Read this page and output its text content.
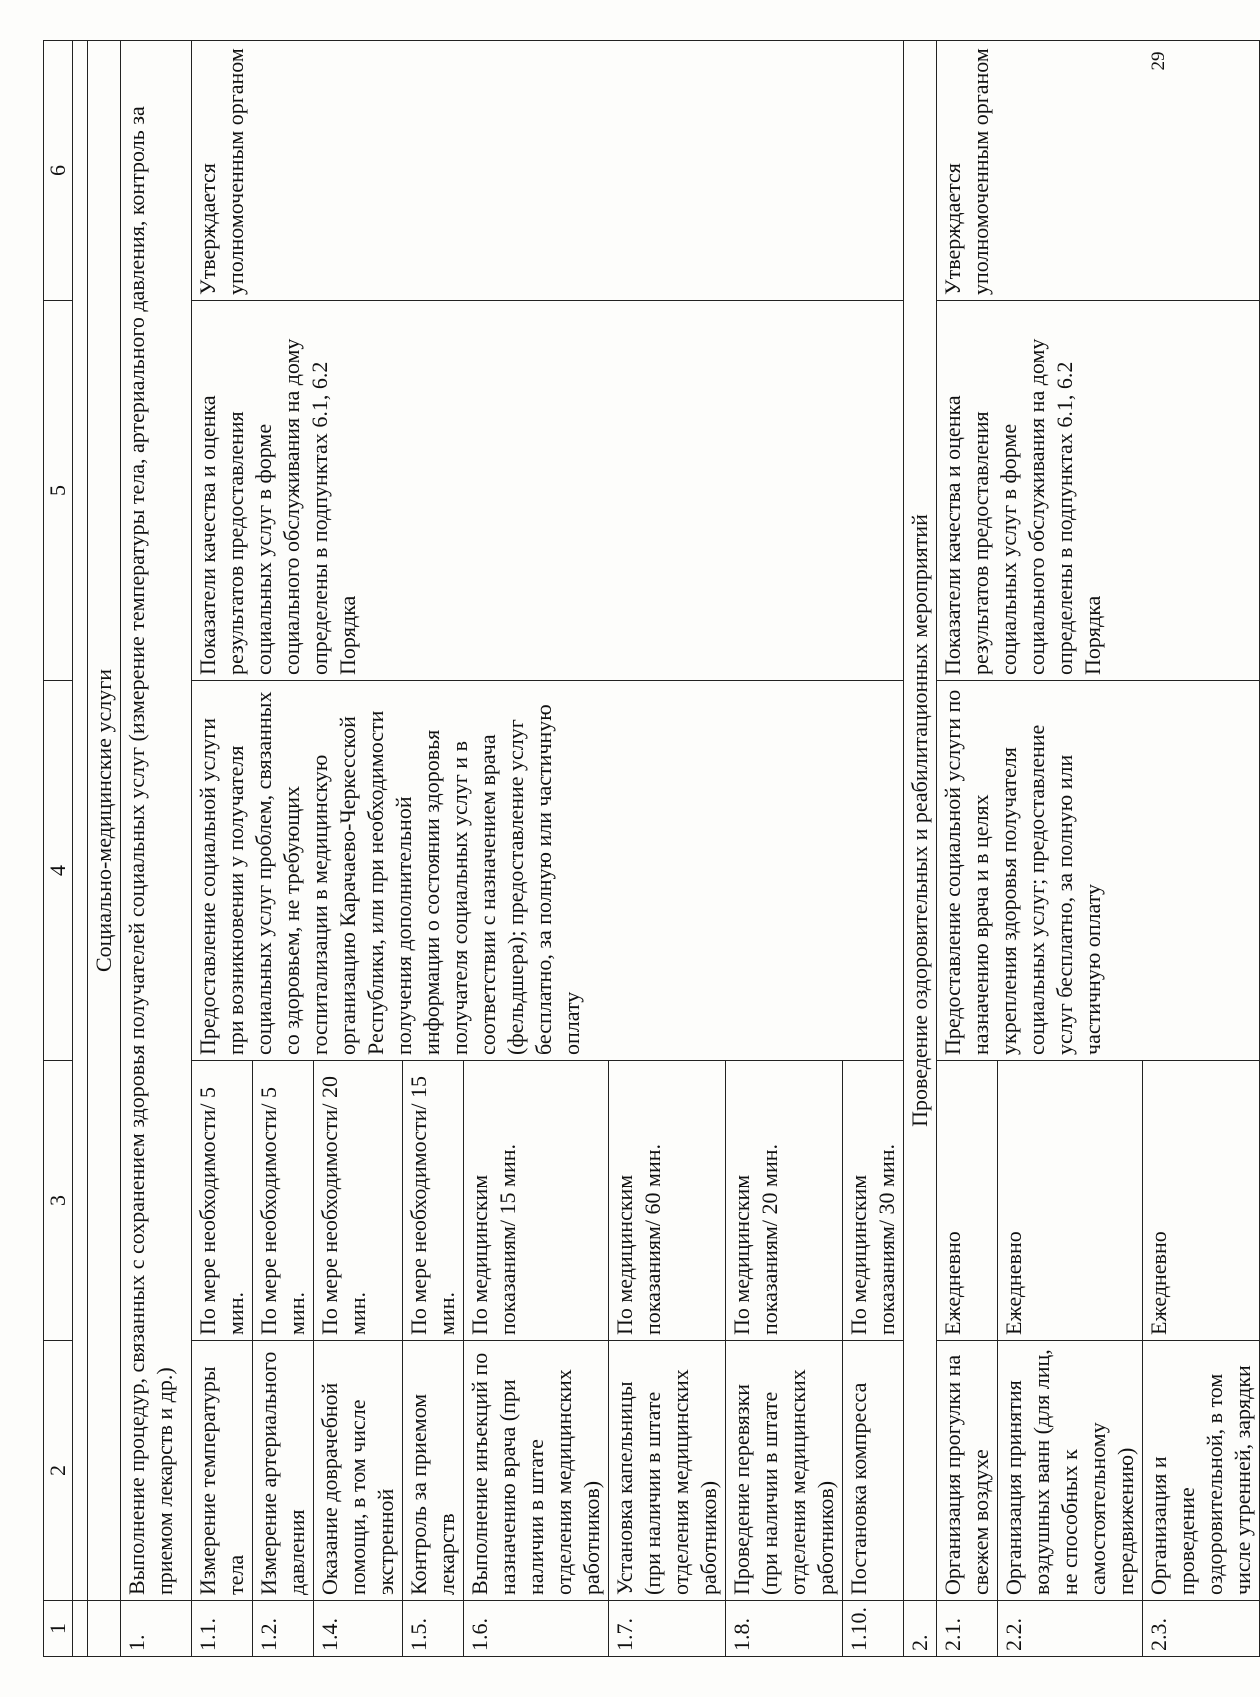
29
1	2	3	4	5	6

	Социально-медицинские услуги				
1.	Выполнение процедур, связанных с сохранением здоровья получателей социальных услуг (измерение температуры тела, артериального давления, контроль за приемом лекарств и др.)				
1.1.	Измерение температуры тела	По мере необходимости/ 5 мин.	Предоставление социальной услуги при возникновении у получателя социальных услуг проблем, связанных со здоровьем, не требующих госпитализации в медицинскую организацию Карачаево-Черкесской Республики, или при необходимости получения дополнительной информации о состоянии здоровья получателя социальных услуг и в соответствии с назначением врача (фельдшера); предоставление услуг бесплатно, за полную или частичную оплату	Показатели качества и оценка результатов предоставления социальных услуг в форме социального обслуживания на дому определены в подпунктах 6.1, 6.2 Порядка	Утверждается уполномоченным органом
1.2.	Измерение артериального давления	По мере необходимости/ 5 мин.			
1.4.	Оказание доврачебной помощи, в том числе экстренной	По мере необходимости/ 20 мин.			
1.5.	Контроль за приемом лекарств	По мере необходимости/ 15 мин.			
1.6.	Выполнение инъекций по назначению врача (при наличии в штате отделения медицинских работников)	По медицинским показаниям/ 15 мин.			
1.7.	Установка капельницы (при наличии в штате отделения медицинских работников)	По медицинским показаниям/ 60 мин.			
1.8.	Проведение перевязки (при наличии в штате отделения медицинских работников)	По медицинским показаниям/ 20 мин.			
1.10.	Постановка компресса	По медицинским показаниям/ 30 мин.			
2.	Проведение оздоровительных и реабилитационных мероприятий				
2.1.	Организация прогулки на свежем воздухе	Ежедневно	Предоставление социальной услуги по назначению врача и в целях укрепления здоровья получателя социальных услуг; предоставление услуг бесплатно, за полную или частичную оплату	Показатели качества и оценка результатов предоставления социальных услуг в форме социального обслуживания на дому определены в подпунктах 6.1, 6.2 Порядка	Утверждается уполномоченным органом
2.2.	Организация принятия воздушных ванн (для лиц, не способных к самостоятельному передвижению)	Ежедневно			
2.3.	Организация и проведение оздоровительной, в том числе утренней, зарядки	Ежедневно			
